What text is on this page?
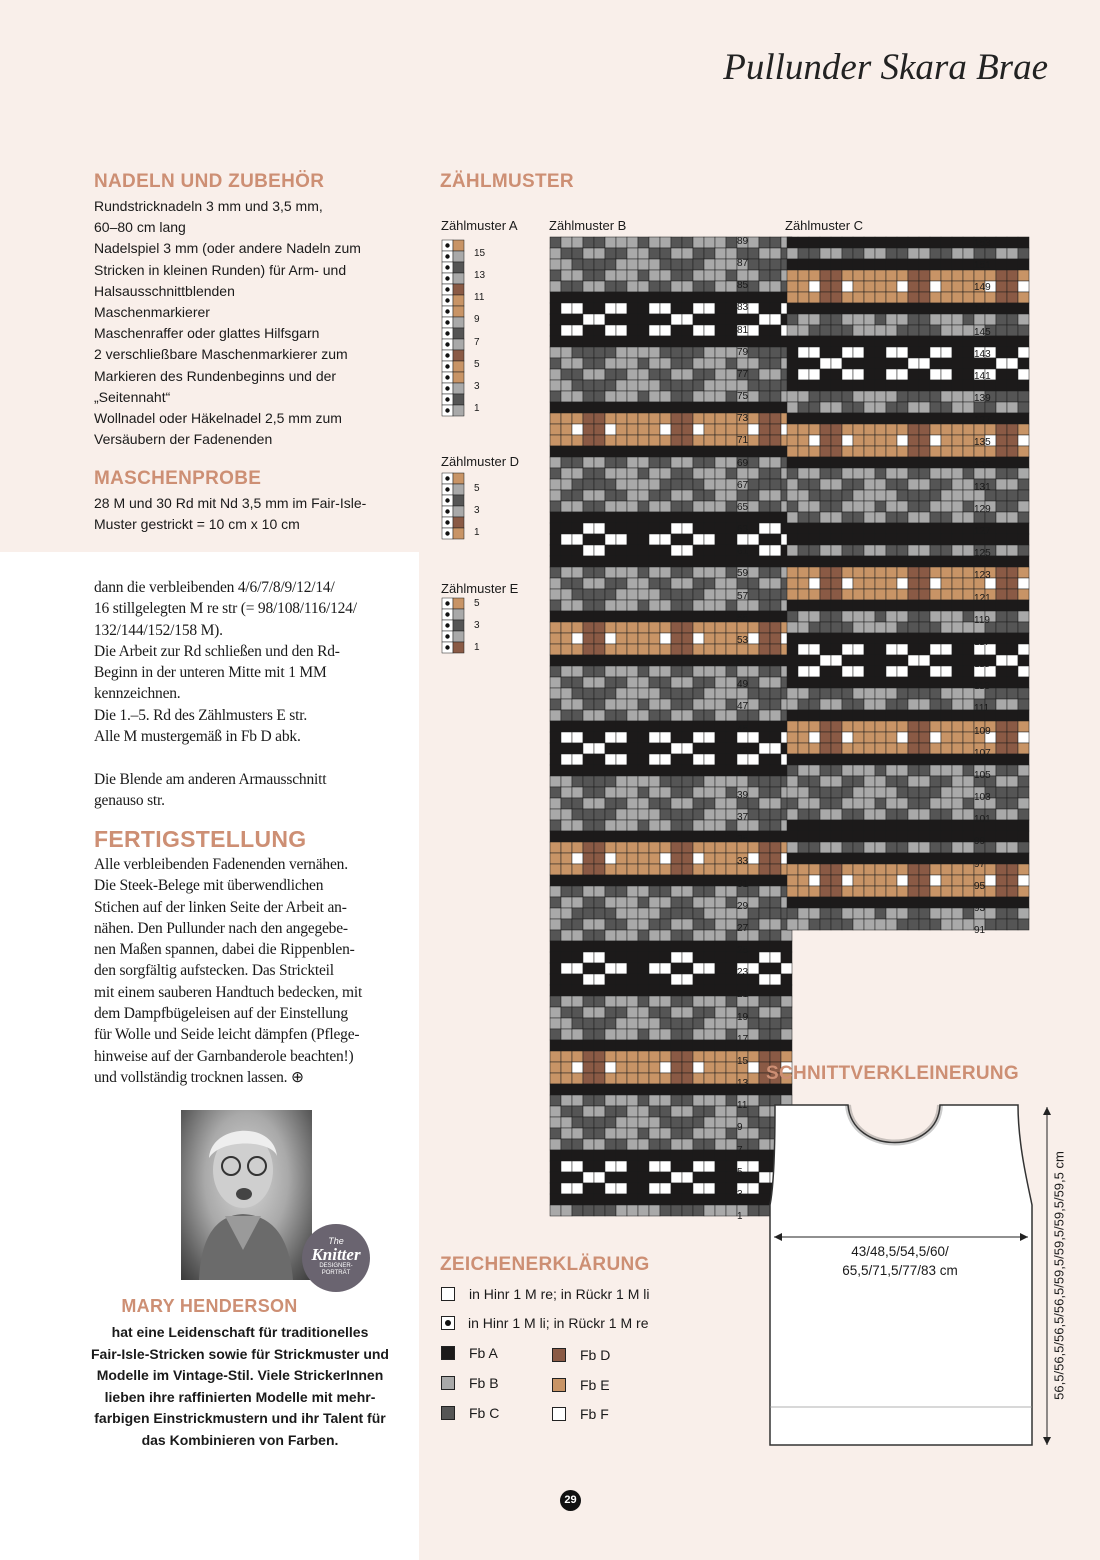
Pullunder Skara Brae
NADELN UND ZUBEHÖR
Rundstricknadeln 3 mm und 3,5 mm,
60–80 cm lang
Nadelspiel 3 mm (oder andere Nadeln zum
Stricken in kleinen Runden) für Arm- und
Halsausschnittblenden
Maschenmarkierer
Maschenraffer oder glattes Hilfsgarn
2 verschließbare Maschenmarkierer zum
Markieren des Rundenbeginns und der
„Seitennaht“
Wollnadel oder Häkelnadel 2,5 mm zum
Versäubern der Fadenenden
MASCHENPROBE
28 M und 30 Rd mit Nd 3,5 mm im Fair-Isle-
Muster gestrickt = 10 cm x 10 cm
dann die verbleibenden 4/6/7/8/9/12/14/
16 stillgelegten M re str (= 98/108/116/124/
132/144/152/158 M).
Die Arbeit zur Rd schließen und den Rd-
Beginn in der unteren Mitte mit 1 MM
kennzeichnen.
Die 1.–5. Rd des Zählmusters E str.
Alle M mustergemäß in Fb D abk.
Die Blende am anderen Armausschnitt
genauso str.
FERTIGSTELLUNG
Alle verbleibenden Fadenenden vernähen.
Die Steek-Belege mit überwendlichen
Stichen auf der linken Seite der Arbeit an-
nähen. Den Pullunder nach den angegebe-
nen Maßen spannen, dabei die Rippenblen-
den sorgfältig aufstecken. Das Strickteil
mit einem sauberen Handtuch bedecken, mit
dem Dampfbügeleisen auf der Einstellung
für Wolle und Seide leicht dämpfen (Pflege-
hinweise auf der Garnbanderole beachten!)
und vollständig trocknen lassen. ⊕
The
Knitter
DESIGNER-
PORTRÄT
MARY HENDERSON
hat eine Leidenschaft für traditionelles
Fair-Isle-Stricken sowie für Strickmuster und
Modelle im Vintage-Stil. Viele StrickerInnen
lieben ihre raffinierten Modelle mit mehr-
farbigen Einstrickmustern und ihr Talent für
das Kombinieren von Farben.
ZÄHLMUSTER
Zählmuster A Zählmuster B	Zählmuster C
Zählmuster D
Zählmuster E
15
13
11
9
7
5
3
1
89
87
85
83
81
79
77
75
73
71
69
67
65
63
61
59
57
55
53
51
49
47
45
43
41
39
37
35
33
31
29
27
25
23
21
19
17
15
13
11
9
7
5
3
1
153
151
149
147
145
143
141
139
137
135
133
131
129
127
125
123
121
119
117
115
113
111
109
107
105
103
101
99
97
95
93
91
5
3
1
5
3
1
ZEICHENERKLÄRUNG
in Hinr 1 M re; in Rückr 1 M li
in Hinr 1 M li; in Rückr 1 M re
Fb A
Fb B
Fb C
Fb D
Fb E
Fb F
SCHNITTVERKLEINERUNG
43/48,5/54,5/60/
65,5/71,5/77/83 cm	56,5/56,5/56,5/56,5/59,5/59,5/59,5/59,5 cm
29
